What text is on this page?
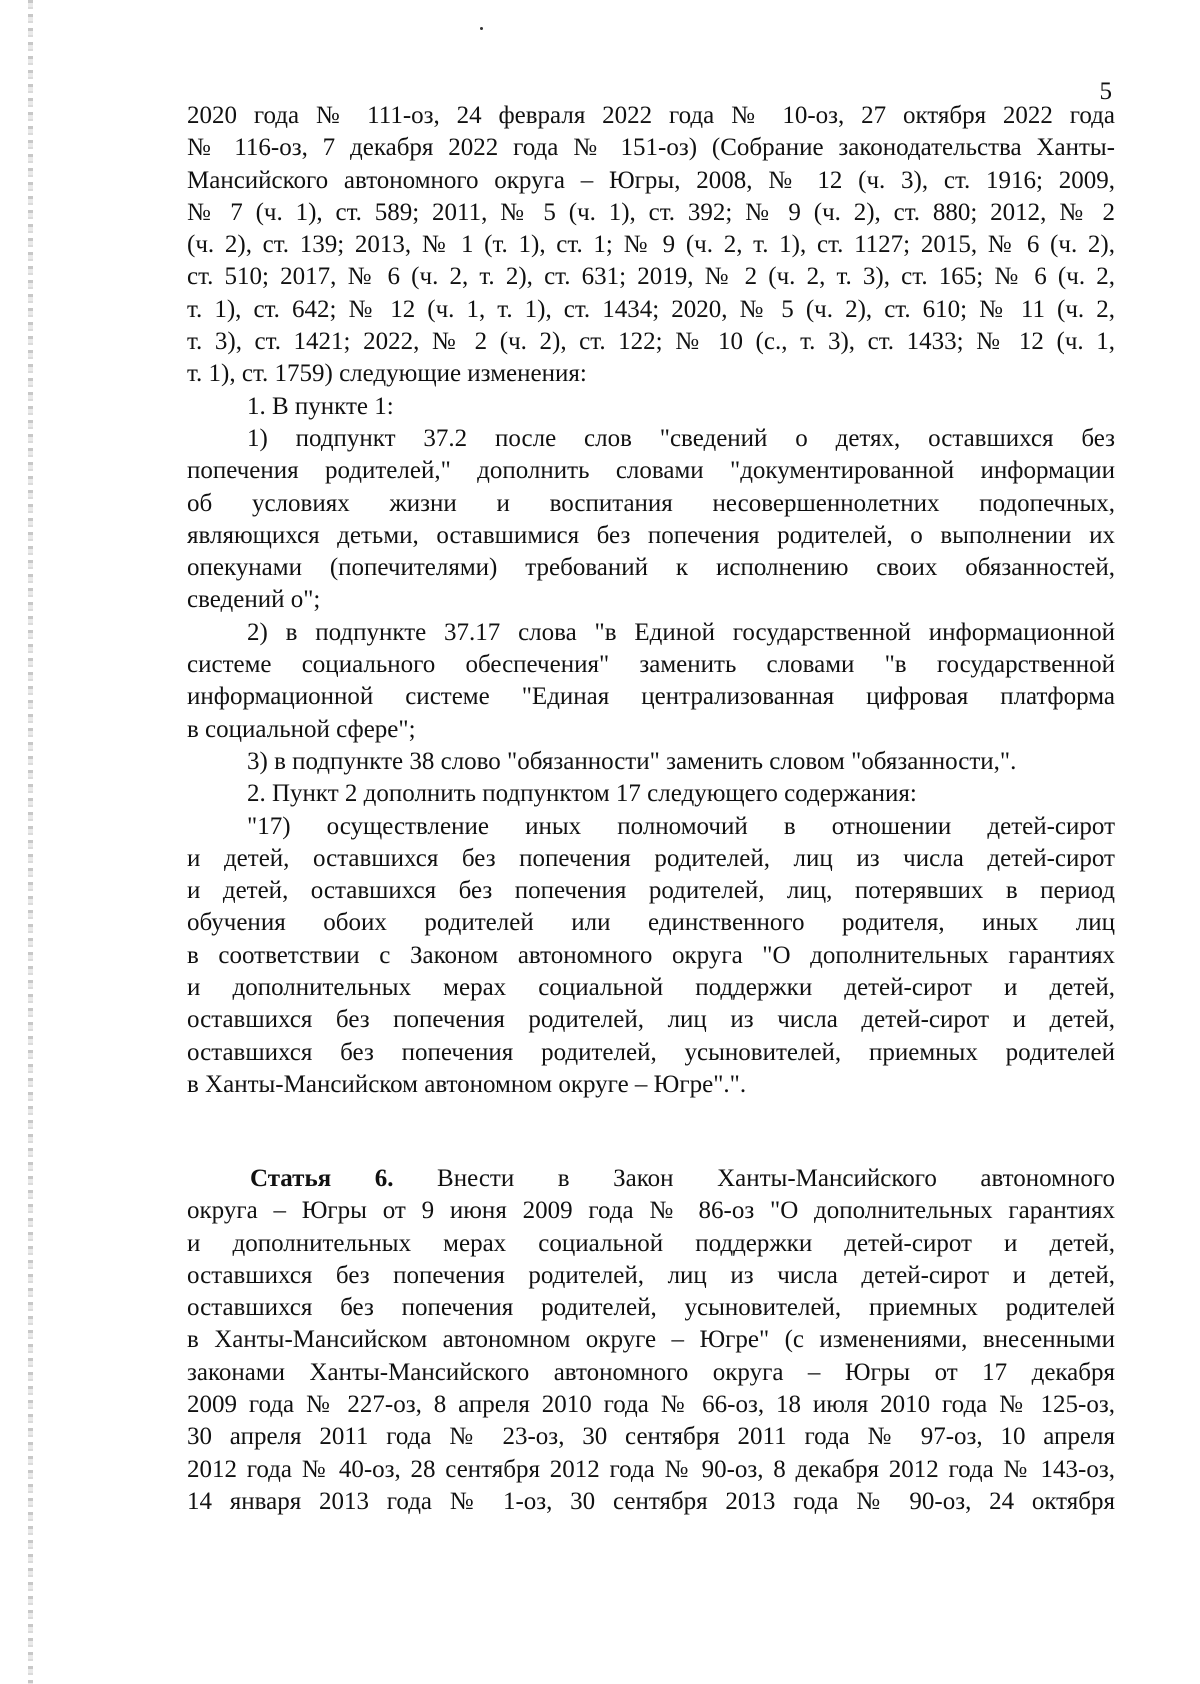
5
2020 года № 111-оз, 24 февраля 2022 года № 10-оз, 27 октября 2022 года
№ 116-оз, 7 декабря 2022 года № 151-оз) (Собрание законодательства Ханты-
Мансийского автономного округа – Югры, 2008, № 12 (ч. 3), ст. 1916; 2009,
№ 7 (ч. 1), ст. 589; 2011, № 5 (ч. 1), ст. 392; № 9 (ч. 2), ст. 880; 2012, № 2
(ч. 2), ст. 139; 2013, № 1 (т. 1), ст. 1; № 9 (ч. 2, т. 1), ст. 1127; 2015, № 6 (ч. 2),
ст. 510; 2017, № 6 (ч. 2, т. 2), ст. 631; 2019, № 2 (ч. 2, т. 3), ст. 165; № 6 (ч. 2,
т. 1), ст. 642; № 12 (ч. 1, т. 1), ст. 1434; 2020, № 5 (ч. 2), ст. 610; № 11 (ч. 2,
т. 3), ст. 1421; 2022, № 2 (ч. 2), ст. 122; № 10 (с., т. 3), ст. 1433; № 12 (ч. 1,
т. 1), ст. 1759) следующие изменения:
1. В пункте 1:
1) подпункт 37.2 после слов "сведений о детях, оставшихся без
попечения родителей," дополнить словами "документированной информации
об условиях жизни и воспитания несовершеннолетних подопечных,
являющихся детьми, оставшимися без попечения родителей, о выполнении их
опекунами (попечителями) требований к исполнению своих обязанностей,
сведений о";
2) в подпункте 37.17 слова "в Единой государственной информационной
системе социального обеспечения" заменить словами "в государственной
информационной системе "Единая централизованная цифровая платформа
в социальной сфере";
3) в подпункте 38 слово "обязанности" заменить словом "обязанности,".
2. Пункт 2 дополнить подпунктом 17 следующего содержания:
"17) осуществление иных полномочий в отношении детей-сирот
и детей, оставшихся без попечения родителей, лиц из числа детей-сирот
и детей, оставшихся без попечения родителей, лиц, потерявших в период
обучения обоих родителей или единственного родителя, иных лиц
в соответствии с Законом автономного округа "О дополнительных гарантиях
и дополнительных мерах социальной поддержки детей-сирот и детей,
оставшихся без попечения родителей, лиц из числа детей-сирот и детей,
оставшихся без попечения родителей, усыновителей, приемных родителей
в Ханты-Мансийском автономном округе – Югре".".
Статья 6. Внести в Закон Ханты-Мансийского автономного
округа – Югры от 9 июня 2009 года № 86-оз "О дополнительных гарантиях
и дополнительных мерах социальной поддержки детей-сирот и детей,
оставшихся без попечения родителей, лиц из числа детей-сирот и детей,
оставшихся без попечения родителей, усыновителей, приемных родителей
в Ханты-Мансийском автономном округе – Югре" (с изменениями, внесенными
законами Ханты-Мансийского автономного округа – Югры от 17 декабря
2009 года № 227-оз, 8 апреля 2010 года № 66-оз, 18 июля 2010 года № 125-оз,
30 апреля 2011 года № 23-оз, 30 сентября 2011 года № 97-оз, 10 апреля
2012 года № 40-оз, 28 сентября 2012 года № 90-оз, 8 декабря 2012 года № 143-оз,
14 января 2013 года № 1-оз, 30 сентября 2013 года № 90-оз, 24 октября
